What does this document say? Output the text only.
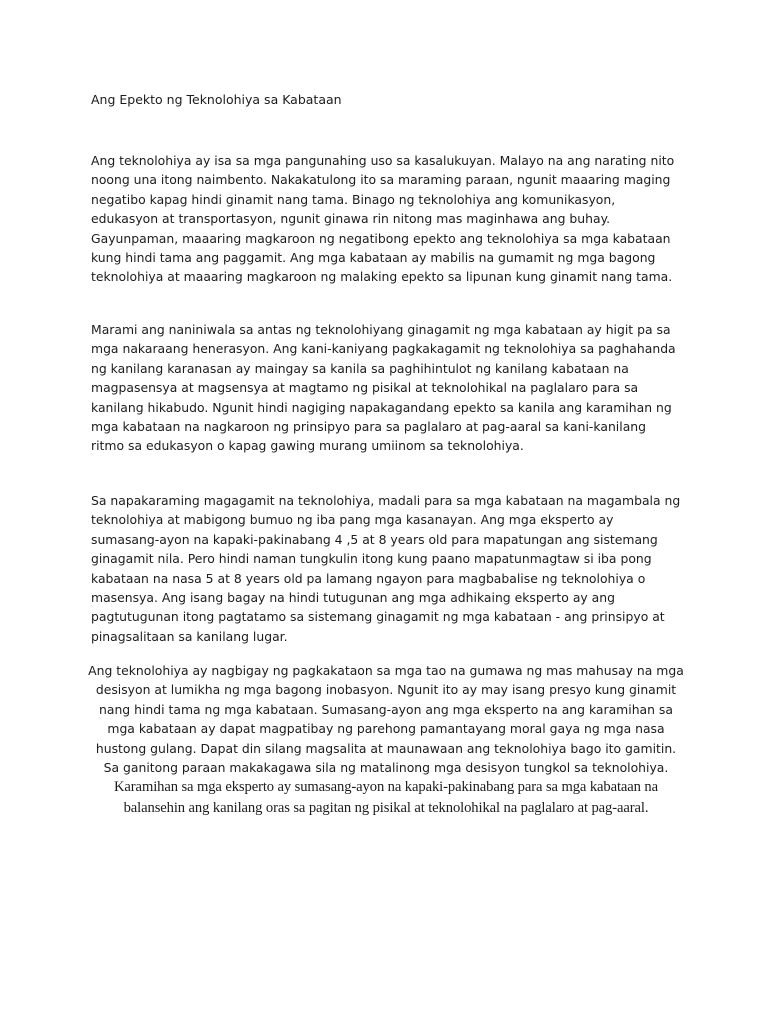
Ang Epekto ng Teknolohiya sa Kabataan

Ang teknolohiya ay isa sa mga pangunahing uso sa kasalukuyan. Malayo na ang narating nito noong una itong naimbento. Nakakatulong ito sa maraming paraan, ngunit maaaring maging negatibo kapag hindi ginamit nang tama. Binago ng teknolohiya ang komunikasyon, edukasyon at transportasyon, ngunit ginawa rin nitong mas maginhawa ang buhay. Gayunpaman, maaaring magkaroon ng negatibong epekto ang teknolohiya sa mga kabataan kung hindi tama ang paggamit. Ang mga kabataan ay mabilis na gumamit ng mga bagong teknolohiya at maaaring magkaroon ng malaking epekto sa lipunan kung ginamit nang tama.

Marami ang naniniwala sa antas ng teknolohiyang ginagamit ng mga kabataan ay higit pa sa mga nakaraang henerasyon. Ang kani-kaniyang pagkakagamit ng teknolohiya sa paghahanda ng kanilang karanasan ay maingay sa kanila sa paghihintulot ng kanilang kabataan na magpasensya at magsensya at magtamo ng pisikal at teknolohikal na paglalaro para sa kanilang hikabudo. Ngunit hindi nagiging napakagandang epekto sa kanila ang karamihan ng mga kabataan na nagkaroon ng prinsipyo para sa paglalaro at pag-aaral sa kani-kanilang ritmo sa edukasyon o kapag gawing murang umiinom sa teknolohiya.

Sa napakaraming magagamit na teknolohiya, madali para sa mga kabataan na magambala ng teknolohiya at mabigong bumuo ng iba pang mga kasanayan. Ang mga eksperto ay sumasang-ayon na kapaki-pakinabang 4 ,5 at 8 years old para mapatungan ang sistemang ginagamit nila. Pero hindi naman tungkulin itong kung paano mapatunmagtaw si iba pong kabataan na nasa 5 at 8 years old pa lamang ngayon para magbabalise ng teknolohiya o masensya. Ang isang bagay na hindi tutugunan ang mga adhikaing eksperto ay ang pagtutugunan itong pagtatamo sa sistemang ginagamit ng mga kabataan - ang prinsipyo at pinagsalitaan sa kanilang lugar.

Ang teknolohiya ay nagbigay ng pagkakataon sa mga tao na gumawa ng mas mahusay na mga desisyon at lumikha ng mga bagong inobasyon. Ngunit ito ay may isang presyo kung ginamit nang hindi tama ng mga kabataan. Sumasang-ayon ang mga eksperto na ang karamihan sa mga kabataan ay dapat magpatibay ng parehong pamantayang moral gaya ng mga nasa hustong gulang. Dapat din silang magsalita at maunawaan ang teknolohiya bago ito gamitin. Sa ganitong paraan makakagawa sila ng matalinong mga desisyon tungkol sa teknolohiya. Karamihan sa mga eksperto ay sumasang-ayon na kapaki-pakinabang para sa mga kabataan na balansehin ang kanilang oras sa pagitan ng pisikal at teknolohikal na paglalaro at pag-aaral.
